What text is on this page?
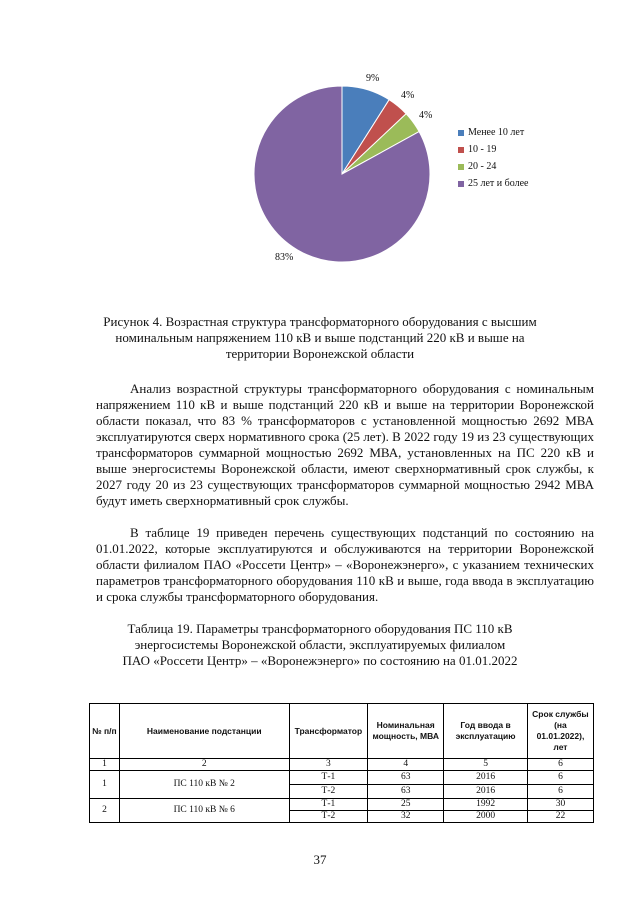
9%
4%
4%
83%
Менее 10 лет
10 - 19
20 - 24
25 лет и более
Рисунок 4. Возрастная структура трансформаторного оборудования с высшим номинальным напряжением 110 кВ и выше подстанций 220 кВ и выше на территории Воронежской области

Анализ возрастной структуры трансформаторного оборудования с номинальным напряжением 110 кВ и выше подстанций 220 кВ и выше на территории Воронежской области показал, что 83 % трансформаторов с установленной мощностью 2692 МВА эксплуатируются сверх нормативного срока (25 лет). В 2022 году 19 из 23 существующих трансформаторов суммарной мощностью 2692 МВА, установленных на ПС 220 кВ и выше энергосистемы Воронежской области, имеют сверхнормативный срок службы, к 2027 году 20 из 23 существующих трансформаторов суммарной мощностью 2942 МВА будут иметь сверхнормативный срок службы.

В таблице 19 приведен перечень существующих подстанций по состоянию на 01.01.2022, которые эксплуатируются и обслуживаются на территории Воронежской области филиалом ПАО «Россети Центр» – «Воронежэнерго», с указанием технических параметров трансформаторного оборудования 110 кВ и выше, года ввода в эксплуатацию и срока службы трансформаторного оборудования.

Таблица 19. Параметры трансформаторного оборудования ПС 110 кВ энергосистемы Воронежской области, эксплуатируемых филиалом ПАО «Россети Центр» – «Воронежэнерго» по состоянию на 01.01.2022
№ п/п	Наименование подстанции	Трансформатор	Номинальная мощность, МВА	Год ввода в эксплуатацию	Срок службы (на 01.01.2022), лет
1	2	3	4	5	6
1	ПС 110 кВ № 2	Т-1	63	2016	6
		Т-2	63	2016	6
2	ПС 110 кВ № 6	Т-1	25	1992	30
		Т-2	32	2000	22
37
